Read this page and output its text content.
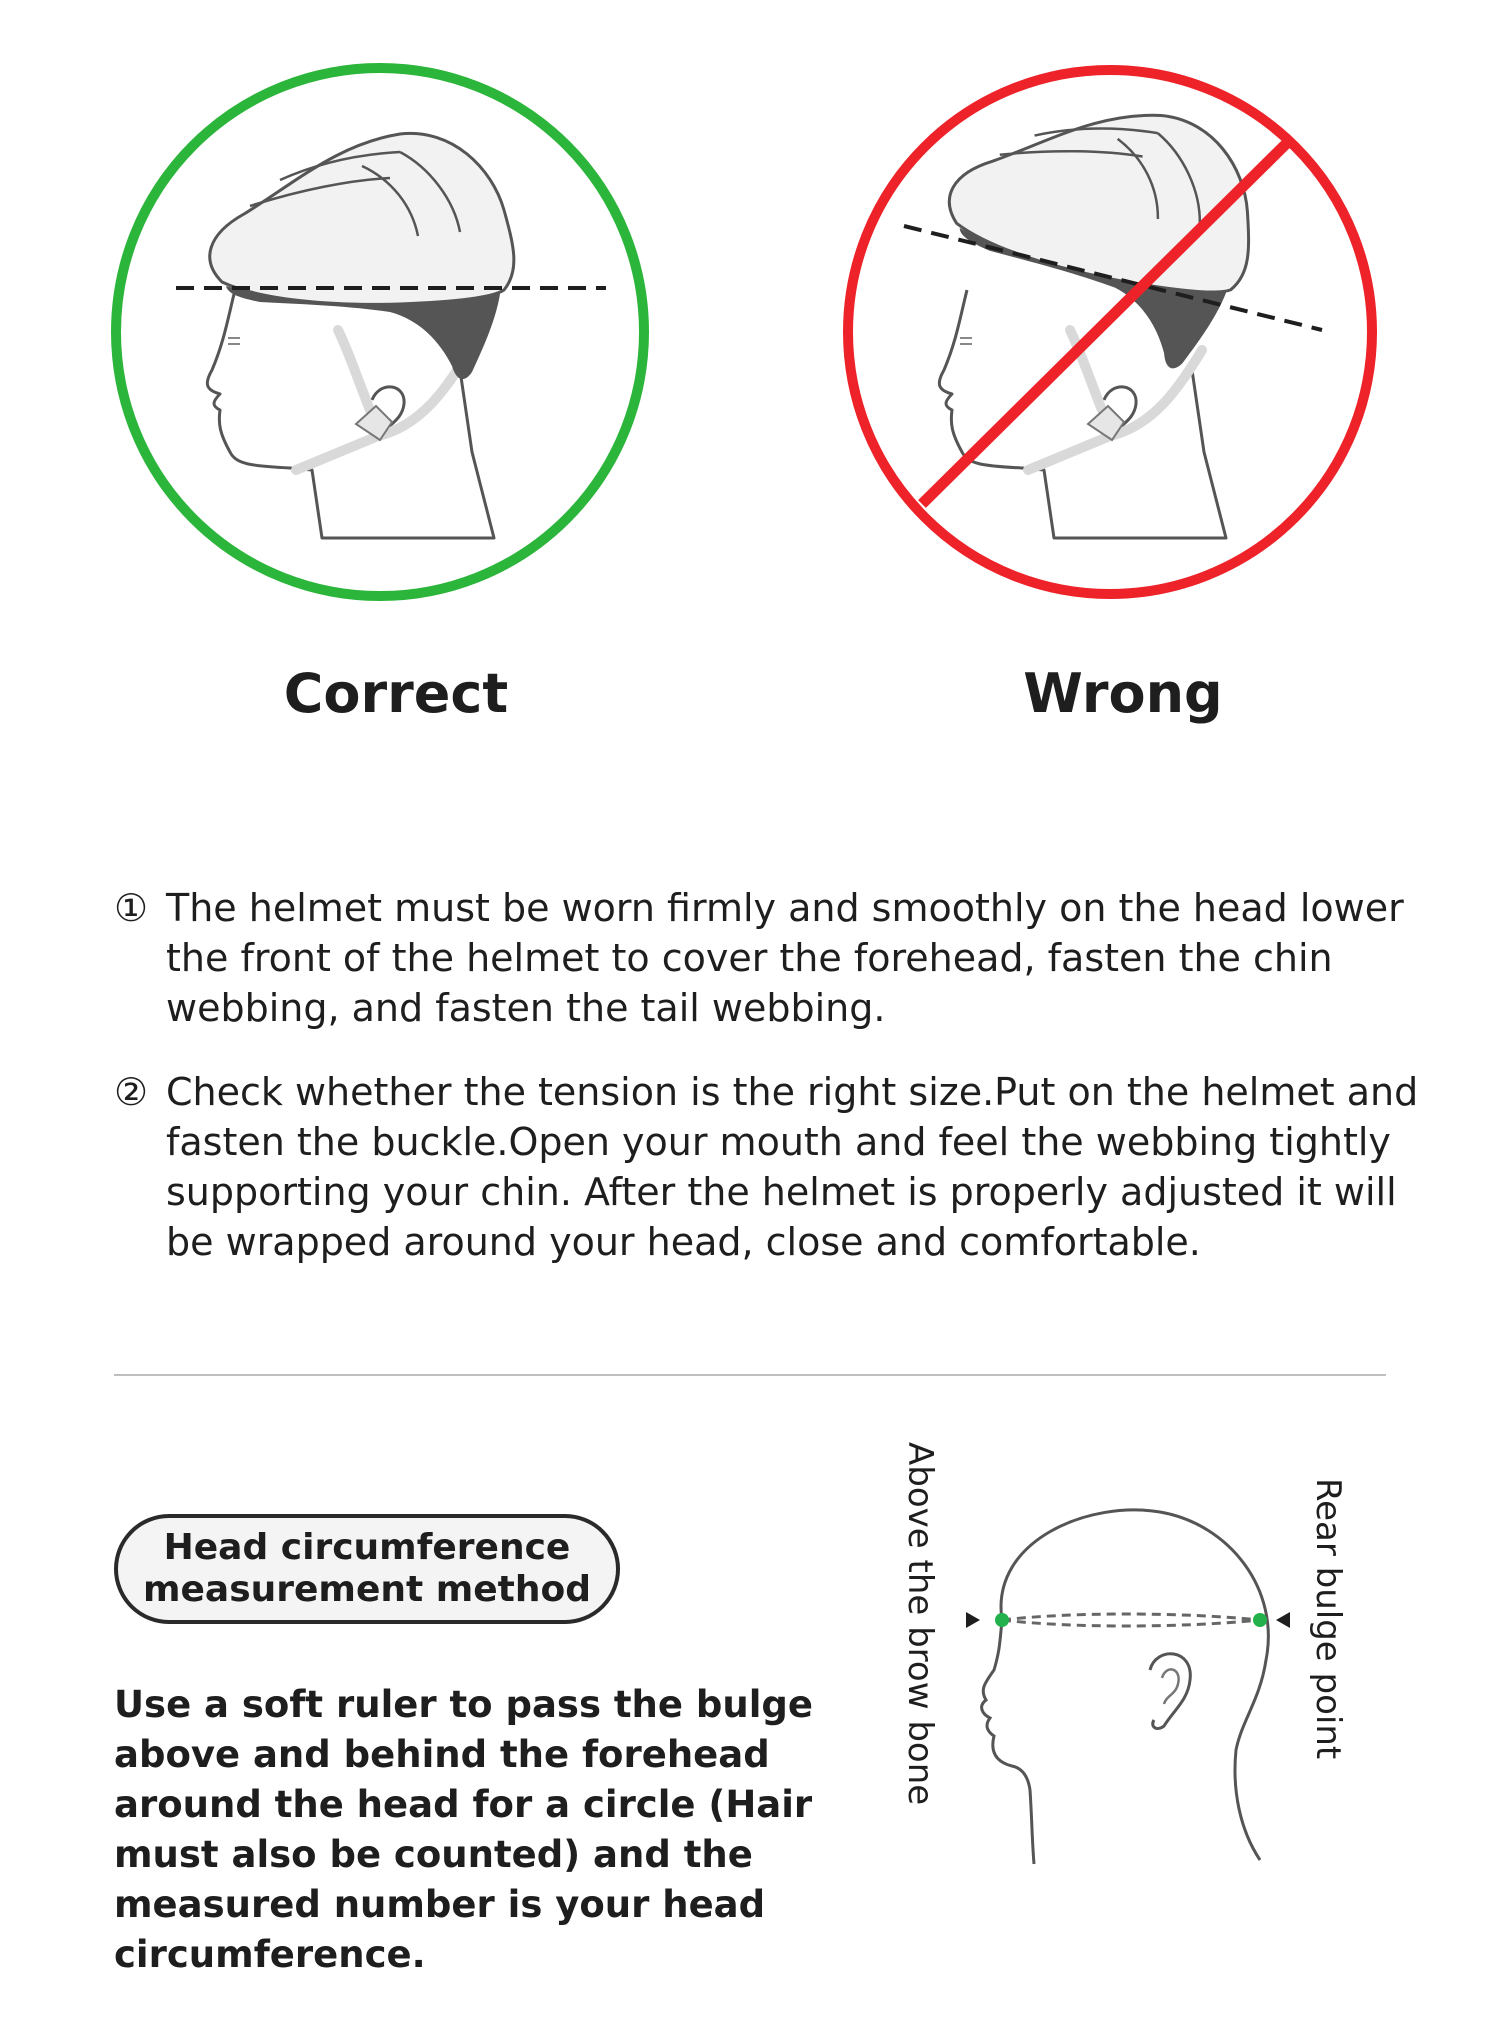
Correct	Wrong
① The helmet must be worn firmly and smoothly on the head lower the front of the helmet to cover the forehead, fasten the chin webbing, and fasten the tail webbing.
② Check whether the tension is the right size.Put on the helmet and fasten the buckle.Open your mouth and feel the webbing tightly supporting your chin. After the helmet is properly adjusted it will be wrapped around your head, close and comfortable.
Head circumference
measurement method
Use a soft ruler to pass the bulge above and behind the forehead around the head for a circle (Hair must also be counted) and the measured number is your head circumference.
Above the brow bone	Rear bulge point
